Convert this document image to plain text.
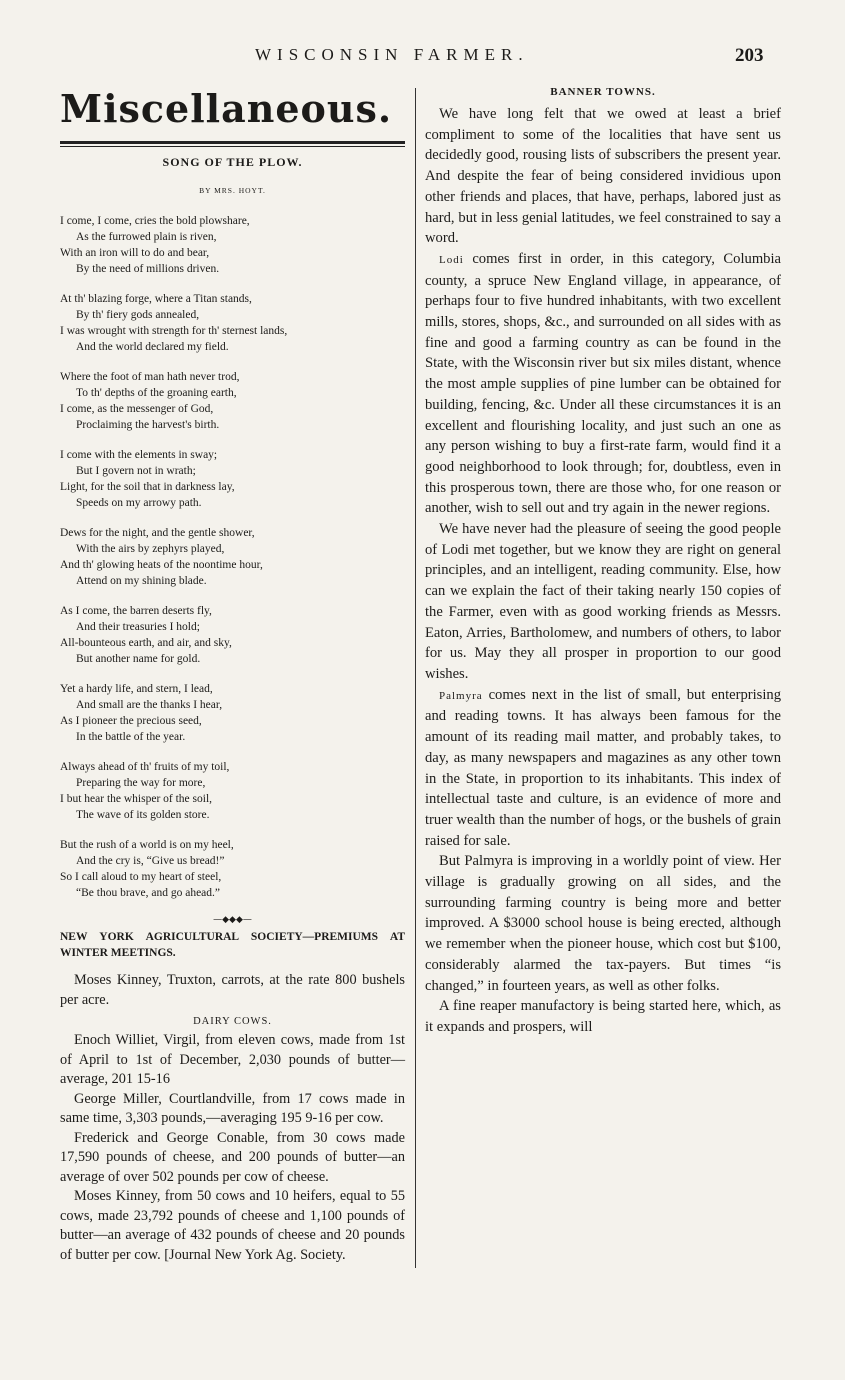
WISCONSIN FARMER.	203
Miscellaneous.
SONG OF THE PLOW.
BY MRS. HOYT.
I come, I come, cries the bold plowshare,
As the furrowed plain is riven,
With an iron will to do and bear,
By the need of millions driven.
At th' blazing forge, where a Titan stands,
By th' fiery gods annealed,
I was wrought with strength for th' sternest lands,
And the world declared my field.
Where the foot of man hath never trod,
To th' depths of the groaning earth,
I come, as the messenger of God,
Proclaiming the harvest's birth.
I come with the elements in sway;
But I govern not in wrath;
Light, for the soil that in darkness lay,
Speeds on my arrowy path.
Dews for the night, and the gentle shower,
With the airs by zephyrs played,
And th' glowing heats of the noontime hour,
Attend on my shining blade.
As I come, the barren deserts fly,
And their treasuries I hold;
All-bounteous earth, and air, and sky,
But another name for gold.
Yet a hardy life, and stern, I lead,
And small are the thanks I hear,
As I pioneer the precious seed,
In the battle of the year.
Always ahead of th' fruits of my toil,
Preparing the way for more,
I but hear the whisper of the soil,
The wave of its golden store.
But the rush of a world is on my heel,
And the cry is, “Give us bread!”
So I call aloud to my heart of steel,
“Be thou brave, and go ahead.”
—◆◆◆—
NEW YORK AGRICULTURAL SOCIETY—PREMIUMS AT WINTER MEETINGS.

Moses Kinney, Truxton, carrots, at the rate 800 bushels per acre.

DAIRY COWS.

Enoch Williet, Virgil, from eleven cows, made from 1st of April to 1st of December, 2,030 pounds of butter—average, 201 15-16

George Miller, Courtlandville, from 17 cows made in same time, 3,303 pounds,—averaging 195 9-16 per cow.

Frederick and George Conable, from 30 cows made 17,590 pounds of cheese, and 200 pounds of butter—an average of over 502 pounds per cow of cheese.

Moses Kinney, from 50 cows and 10 heifers, equal to 55 cows, made 23,792 pounds of cheese and 1,100 pounds of butter—an average of 432 pounds of cheese and 20 pounds of butter per cow. [Journal New York Ag. Society.

BANNER TOWNS.

We have long felt that we owed at least a brief compliment to some of the localities that have sent us decidedly good, rousing lists of subscribers the present year. And despite the fear of being considered invidious upon other friends and places, that have, perhaps, labored just as hard, but in less genial latitudes, we feel constrained to say a word.

Lodi comes first in order, in this category, Columbia county, a spruce New England village, in appearance, of perhaps four to five hundred inhabitants, with two excellent mills, stores, shops, &c., and surrounded on all sides with as fine and good a farming country as can be found in the State, with the Wisconsin river but six miles distant, whence the most ample supplies of pine lumber can be obtained for building, fencing, &c. Under all these circumstances it is an excellent and flourishing locality, and just such an one as any person wishing to buy a first-rate farm, would find it a good neighborhood to look through; for, doubtless, even in this prosperous town, there are those who, for one reason or another, wish to sell out and try again in the newer regions.

We have never had the pleasure of seeing the good people of Lodi met together, but we know they are right on general principles, and an intelligent, reading community. Else, how can we explain the fact of their taking nearly 150 copies of the Farmer, even with as good working friends as Messrs. Eaton, Arries, Bartholomew, and numbers of others, to labor for us. May they all prosper in proportion to our good wishes.

Palmyra comes next in the list of small, but enterprising and reading towns. It has always been famous for the amount of its reading mail matter, and probably takes, to day, as many newspapers and magazines as any other town in the State, in proportion to its inhabitants. This index of intellectual taste and culture, is an evidence of more and truer wealth than the number of hogs, or the bushels of grain raised for sale.

But Palmyra is improving in a worldly point of view. Her village is gradually growing on all sides, and the surrounding farming country is being more and better improved. A $3000 school house is being erected, although we remember when the pioneer house, which cost but $100, considerably alarmed the tax-payers. But times “is changed,” in fourteen years, as well as other folks.

A fine reaper manufactory is being started here, which, as it expands and prospers, will
